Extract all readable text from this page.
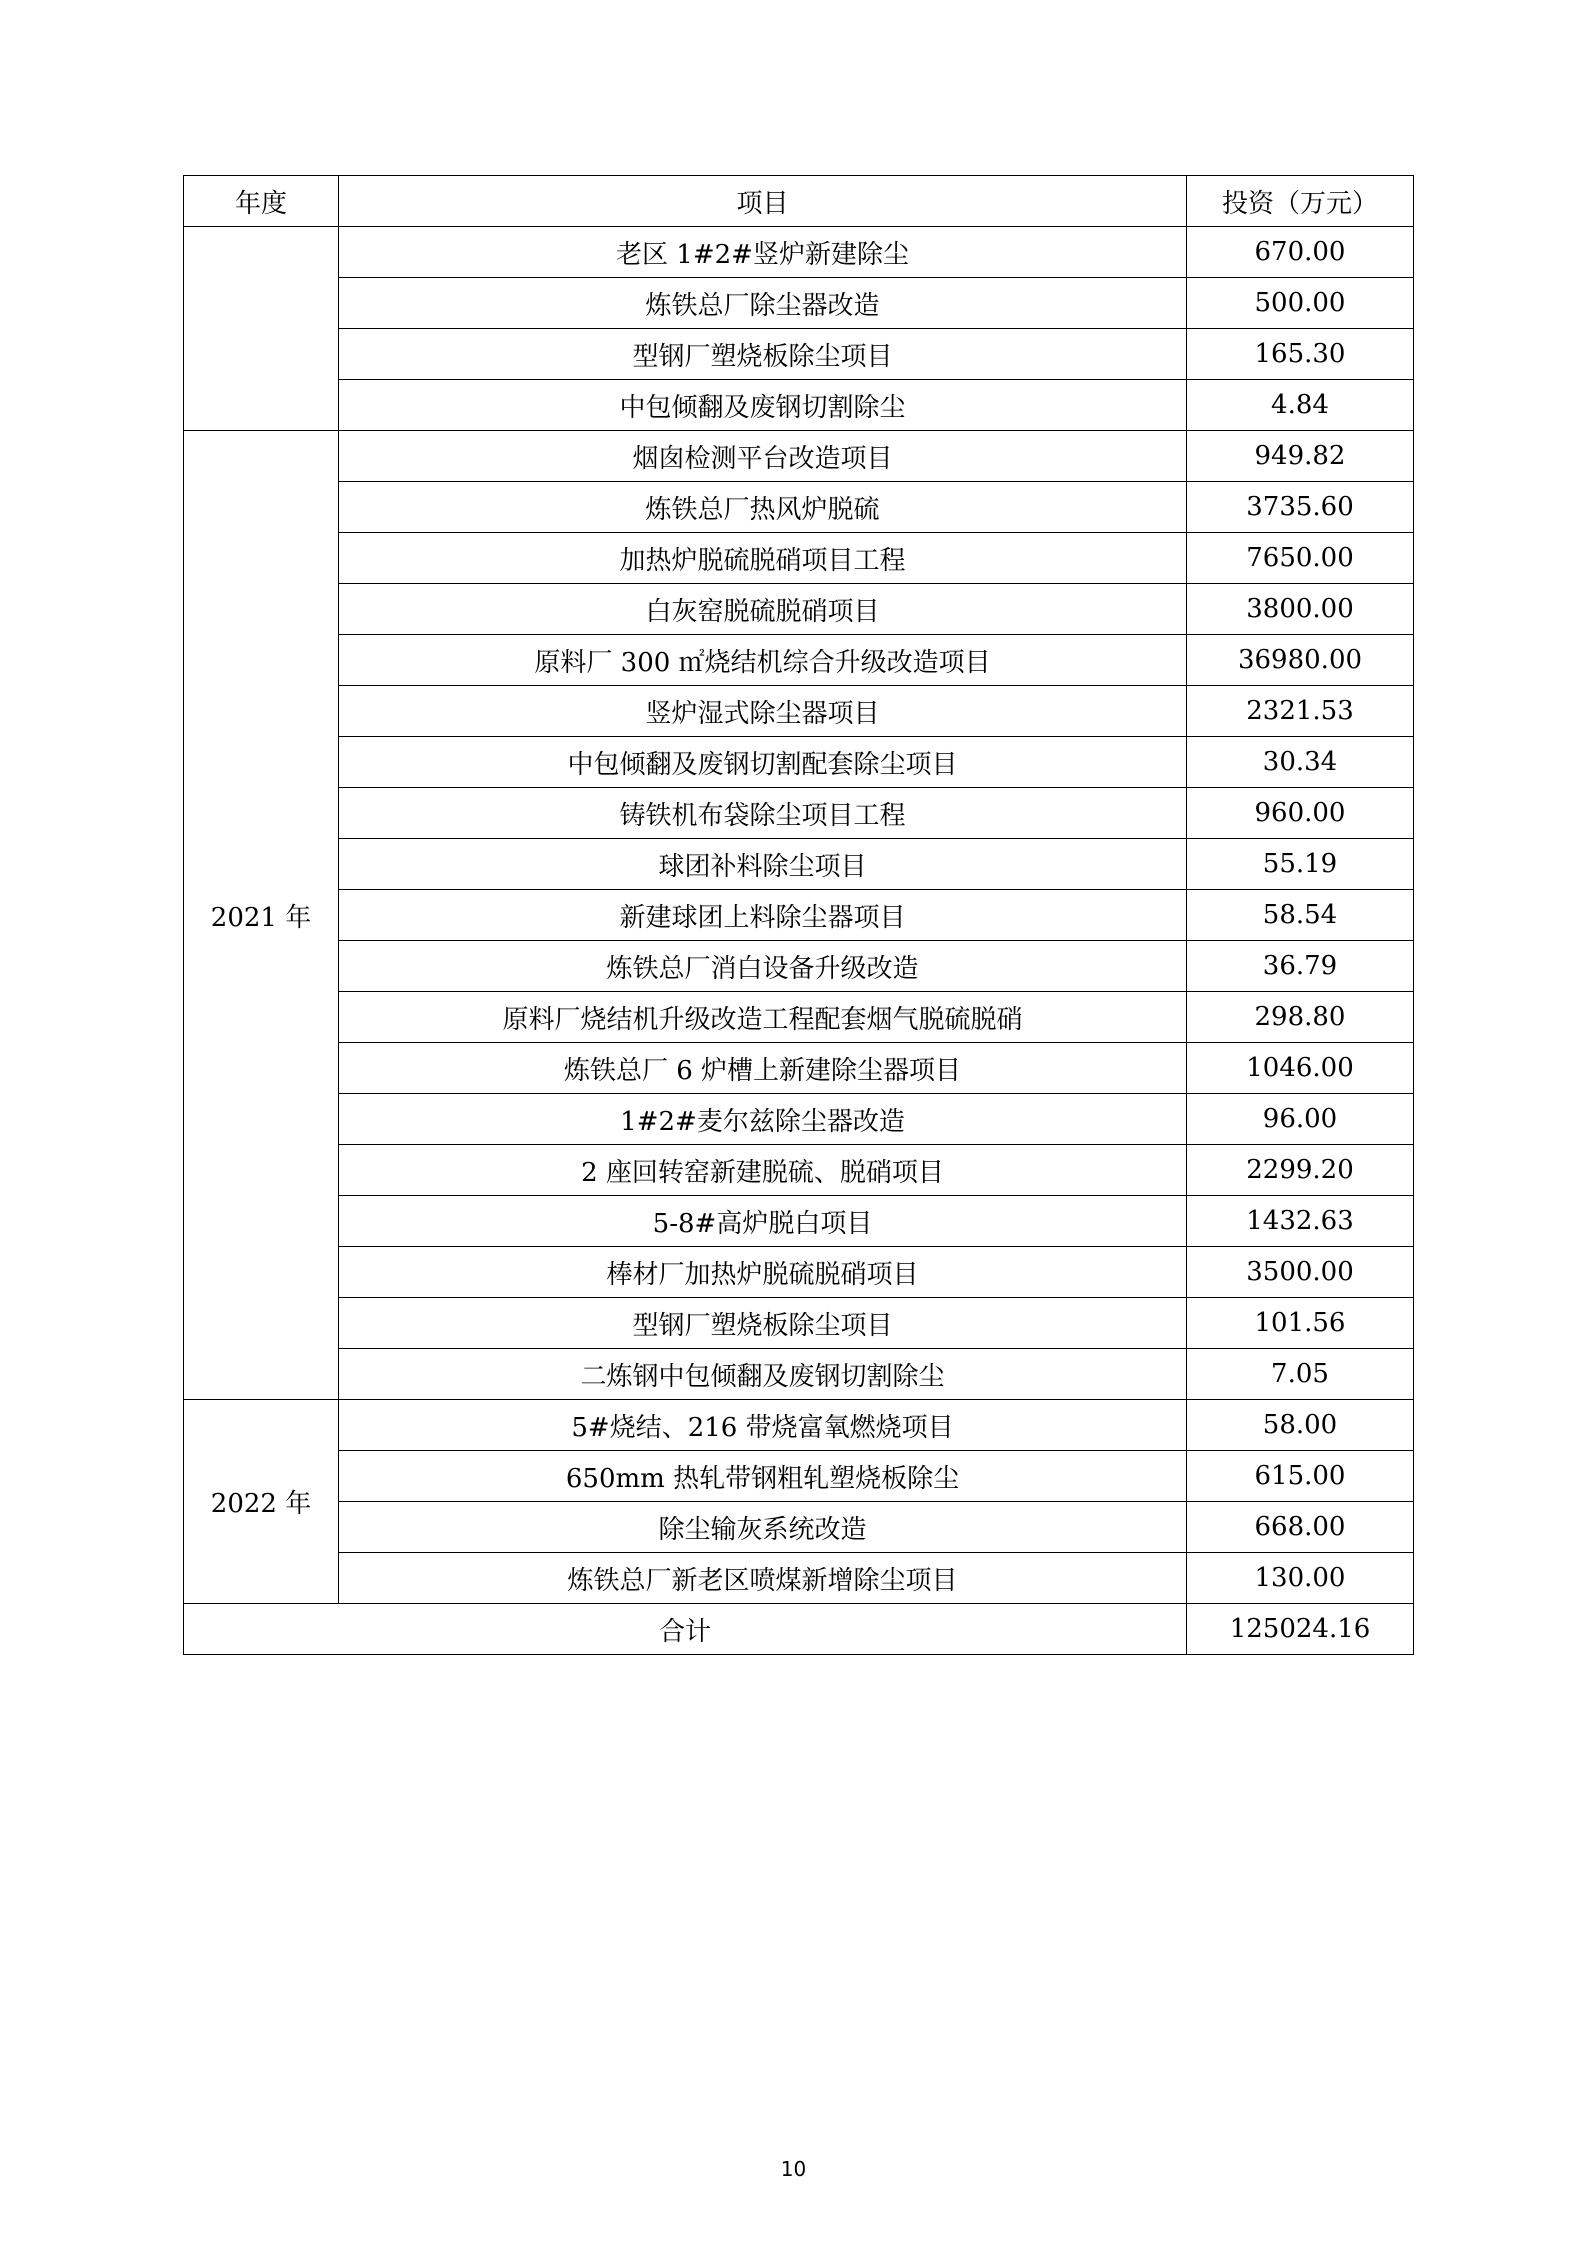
年度	项目	投资（万元）
	老区 1#2#竖炉新建除尘	670.00
	炼铁总厂除尘器改造	500.00
	型钢厂塑烧板除尘项目	165.30
	中包倾翻及废钢切割除尘	4.84
2021 年	烟囱检测平台改造项目	949.82
	炼铁总厂热风炉脱硫	3735.60
	加热炉脱硫脱硝项目工程	7650.00
	白灰窑脱硫脱硝项目	3800.00
	原料厂 300 ㎡烧结机综合升级改造项目	36980.00
	竖炉湿式除尘器项目	2321.53
	中包倾翻及废钢切割配套除尘项目	30.34
	铸铁机布袋除尘项目工程	960.00
	球团补料除尘项目	55.19
	新建球团上料除尘器项目	58.54
	炼铁总厂消白设备升级改造	36.79
	原料厂烧结机升级改造工程配套烟气脱硫脱硝	298.80
	炼铁总厂 6 炉槽上新建除尘器项目	1046.00
	1#2#麦尔兹除尘器改造	96.00
	2 座回转窑新建脱硫、脱硝项目	2299.20
	5-8#高炉脱白项目	1432.63
	棒材厂加热炉脱硫脱硝项目	3500.00
	型钢厂塑烧板除尘项目	101.56
	二炼钢中包倾翻及废钢切割除尘	7.05
2022 年	5#烧结、216 带烧富氧燃烧项目	58.00
	650mm 热轧带钢粗轧塑烧板除尘	615.00
	除尘输灰系统改造	668.00
	炼铁总厂新老区喷煤新增除尘项目	130.00
合计		125024.16
10
